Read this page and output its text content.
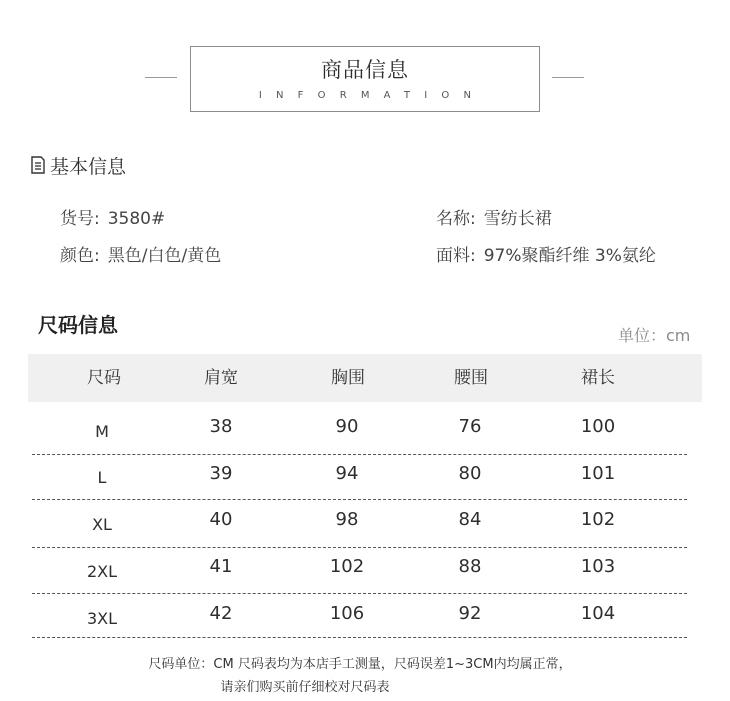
商品信息
INFORMATION
基本信息
货号: 3580#	名称: 雪纺长裙
颜色: 黑色/白色/黄色	面料: 97%聚酯纤维 3%氨纶
尺码信息	单位：cm
尺码	肩宽	胸围	腰围	裙长
M	38	90	76	100
L	39	94	80	101
XL	40	98	84	102
2XL	41	102	88	103
3XL	42	106	92	104
尺码单位：CM 尺码表均为本店手工测量，尺码误差1~3CM内均属正常，
请亲们购买前仔细校对尺码表
